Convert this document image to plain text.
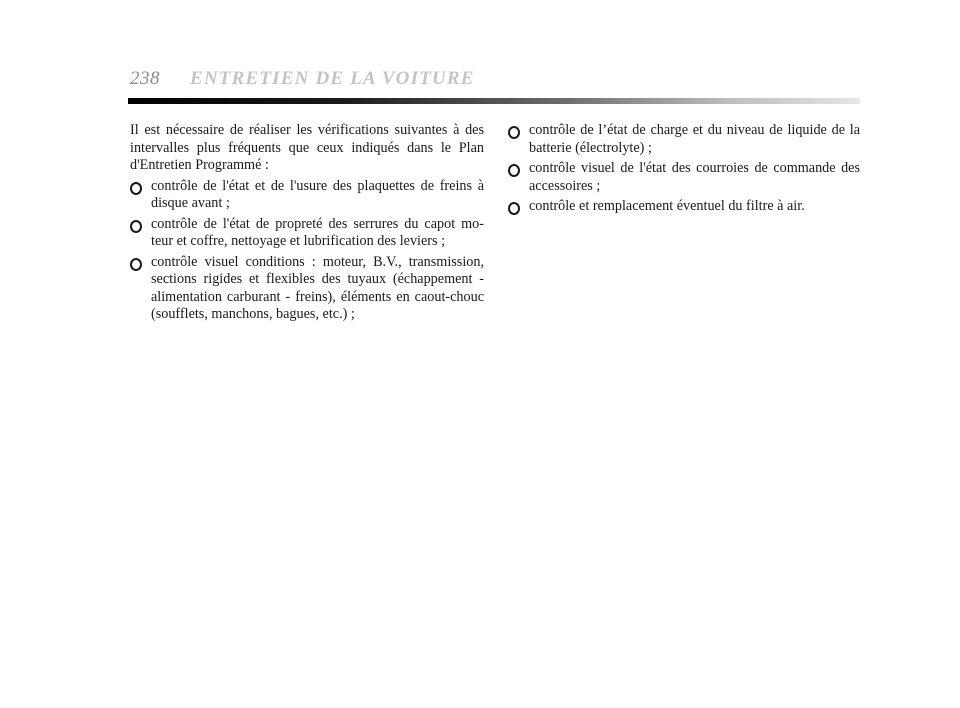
238 ENTRETIEN DE LA VOITURE

Il est nécessaire de réaliser les vérifications suivantes à des intervalles plus fréquents que ceux indiqués dans le Plan d'Entretien Programmé :

contrôle de l'état et de l'usure des plaquettes de freins à disque avant ;
contrôle de l'état de propreté des serrures du capot mo-teur et coffre, nettoyage et lubrification des leviers ;
contrôle visuel conditions : moteur, B.V., transmission, sections rigides et flexibles des tuyaux (échappement - alimentation carburant - freins), éléments en caout-chouc (soufflets, manchons, bagues, etc.) ;
contrôle de l’état de charge et du niveau de liquide de la batterie (électrolyte) ;
contrôle visuel de l'état des courroies de commande des accessoires ;
contrôle et remplacement éventuel du filtre à air.
